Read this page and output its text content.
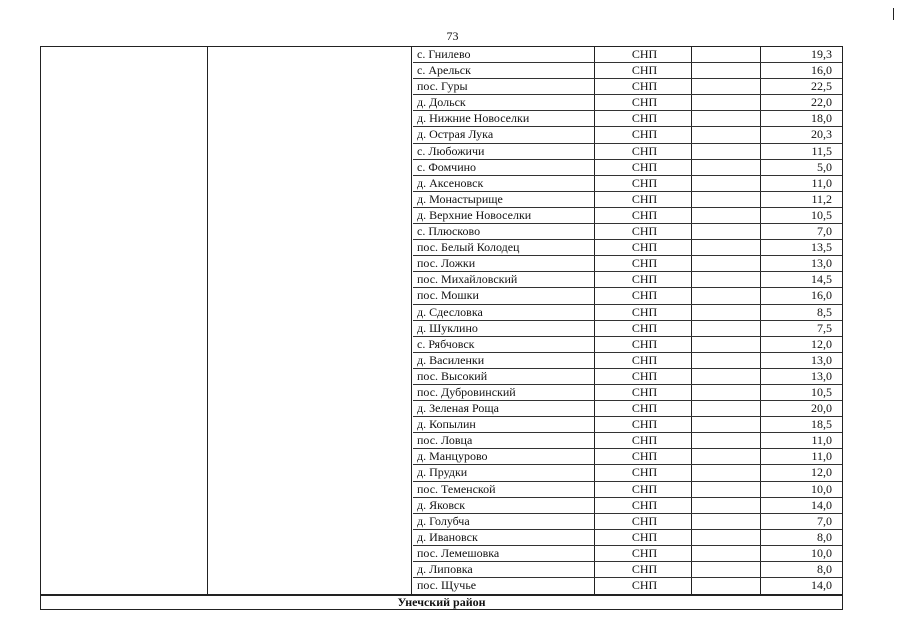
73
с. Гнилево	СНП	19,3
с. Арельск	СНП	16,0
пос. Гуры	СНП	22,5
д. Дольск	СНП	22,0
д. Нижние Новоселки	СНП	18,0
д. Острая Лука	СНП	20,3
с. Любожичи	СНП	11,5
с. Фомчино	СНП	5,0
д. Аксеновск	СНП	11,0
д. Монастырище	СНП	11,2
д. Верхние Новоселки	СНП	10,5
с. Плюсково	СНП	7,0
пос. Белый Колодец	СНП	13,5
пос. Ложки	СНП	13,0
пос. Михайловский	СНП	14,5
пос. Мошки	СНП	16,0
д. Сдесловка	СНП	8,5
д. Шуклино	СНП	7,5
с. Рябчовск	СНП	12,0
д. Василенки	СНП	13,0
пос. Высокий	СНП	13,0
пос. Дубровинский	СНП	10,5
д. Зеленая Роща	СНП	20,0
д. Копылин	СНП	18,5
пос. Ловца	СНП	11,0
д. Манцурово	СНП	11,0
д. Прудки	СНП	12,0
пос. Теменской	СНП	10,0
д. Яковск	СНП	14,0
д. Голубча	СНП	7,0
д. Ивановск	СНП	8,0
пос. Лемешовка	СНП	10,0
д. Липовка	СНП	8,0
пос. Щучье	СНП	14,0
Унечский район
